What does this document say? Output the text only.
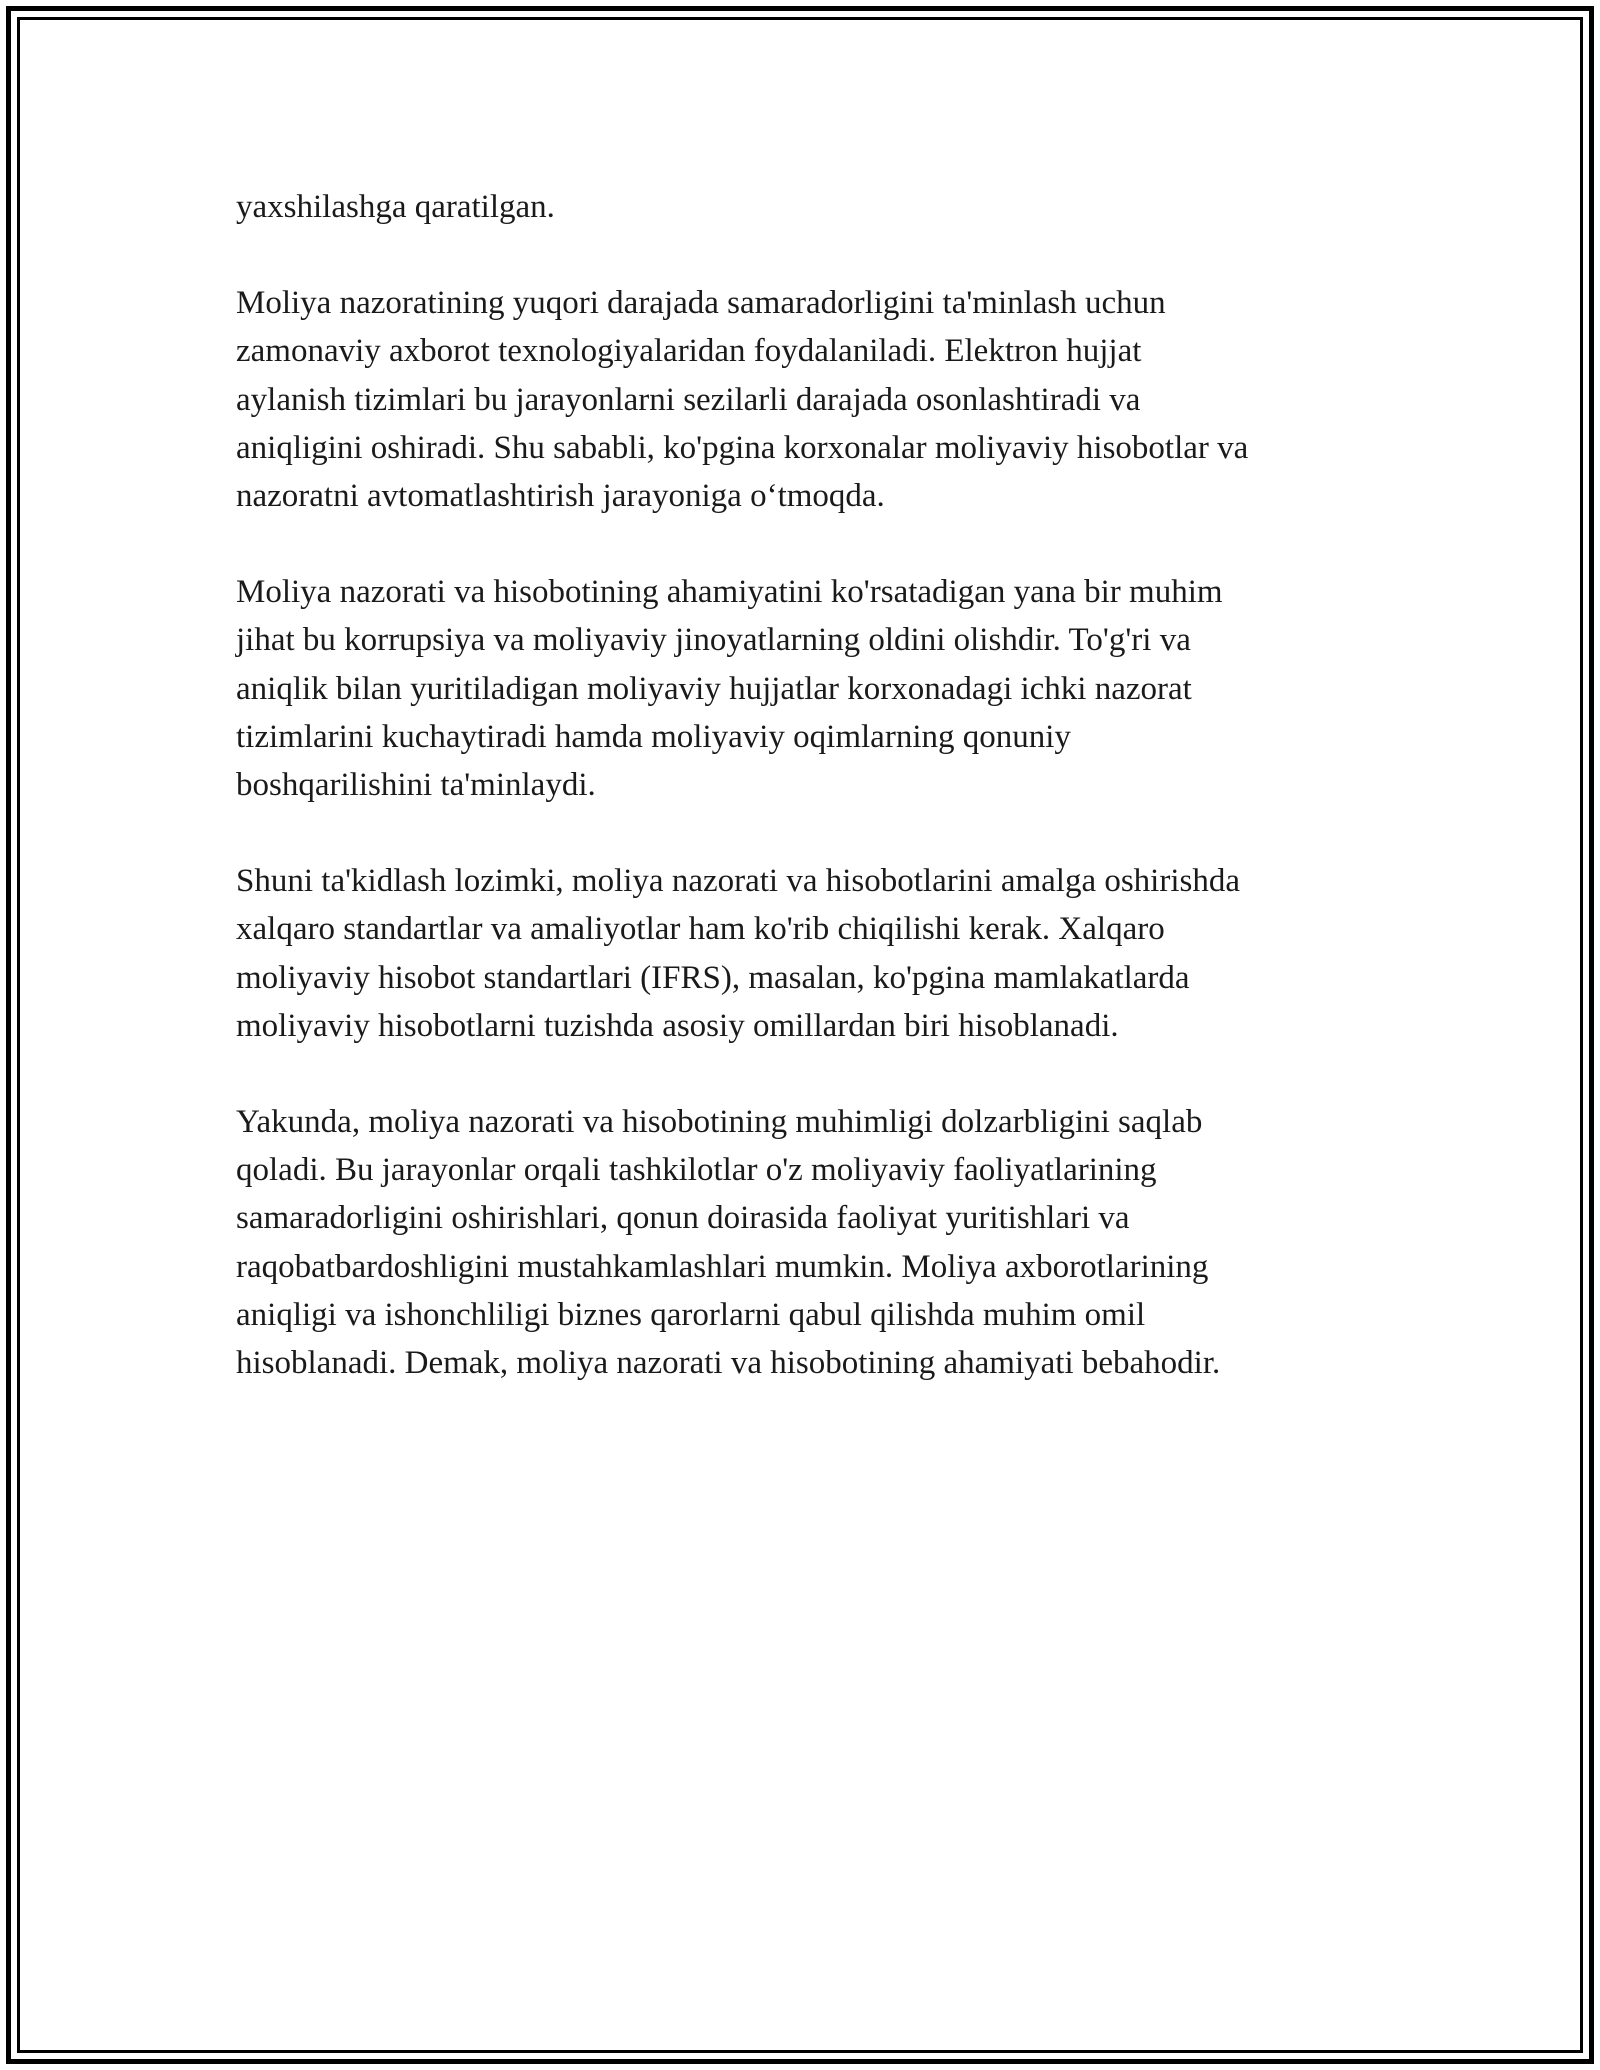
yaxshilashga qaratilgan.

Moliya nazoratining yuqori darajada samaradorligini ta'minlash uchun
zamonaviy axborot texnologiyalaridan foydalaniladi. Elektron hujjat
aylanish tizimlari bu jarayonlarni sezilarli darajada osonlashtiradi va
aniqligini oshiradi. Shu sababli, ko'pgina korxonalar moliyaviy hisobotlar va
nazoratni avtomatlashtirish jarayoniga o‘tmoqda.

Moliya nazorati va hisobotining ahamiyatini ko'rsatadigan yana bir muhim
jihat bu korrupsiya va moliyaviy jinoyatlarning oldini olishdir. To'g'ri va
aniqlik bilan yuritiladigan moliyaviy hujjatlar korxonadagi ichki nazorat
tizimlarini kuchaytiradi hamda moliyaviy oqimlarning qonuniy
boshqarilishini ta'minlaydi.

Shuni ta'kidlash lozimki, moliya nazorati va hisobotlarini amalga oshirishda
xalqaro standartlar va amaliyotlar ham ko'rib chiqilishi kerak. Xalqaro
moliyaviy hisobot standartlari (IFRS), masalan, ko'pgina mamlakatlarda
moliyaviy hisobotlarni tuzishda asosiy omillardan biri hisoblanadi.

Yakunda, moliya nazorati va hisobotining muhimligi dolzarbligini saqlab
qoladi. Bu jarayonlar orqali tashkilotlar o'z moliyaviy faoliyatlarining
samaradorligini oshirishlari, qonun doirasida faoliyat yuritishlari va
raqobatbardoshligini mustahkamlashlari mumkin. Moliya axborotlarining
aniqligi va ishonchliligi biznes qarorlarni qabul qilishda muhim omil
hisoblanadi. Demak, moliya nazorati va hisobotining ahamiyati bebahodir.
